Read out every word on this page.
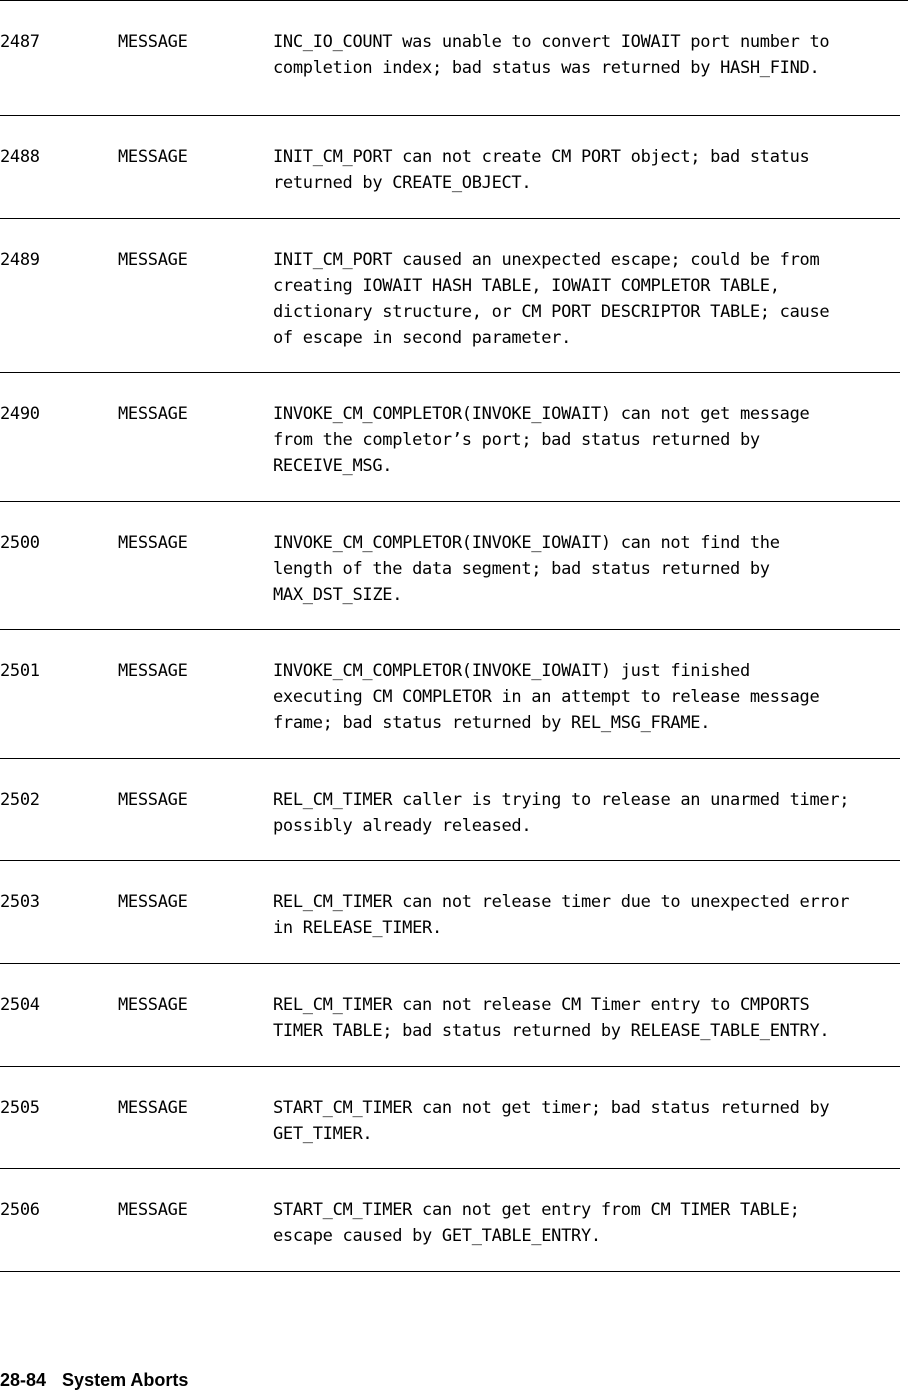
2487	MESSAGE	INC_IO_COUNT was unable to convert IOWAIT port number to
completion index; bad status was returned by HASH_FIND.
2488	MESSAGE	INIT_CM_PORT can not create CM PORT object; bad status
returned by CREATE_OBJECT.
2489	MESSAGE	INIT_CM_PORT caused an unexpected escape; could be from
creating IOWAIT HASH TABLE, IOWAIT COMPLETOR TABLE,
dictionary structure, or CM PORT DESCRIPTOR TABLE; cause
of escape in second parameter.
2490	MESSAGE	INVOKE_CM_COMPLETOR(INVOKE_IOWAIT) can not get message
from the completor’s port; bad status returned by
RECEIVE_MSG.
2500	MESSAGE	INVOKE_CM_COMPLETOR(INVOKE_IOWAIT) can not find the
length of the data segment; bad status returned by
MAX_DST_SIZE.
2501	MESSAGE	INVOKE_CM_COMPLETOR(INVOKE_IOWAIT) just finished
executing CM COMPLETOR in an attempt to release message
frame; bad status returned by REL_MSG_FRAME.
2502	MESSAGE	REL_CM_TIMER caller is trying to release an unarmed timer;
possibly already released.
2503	MESSAGE	REL_CM_TIMER can not release timer due to unexpected error
in RELEASE_TIMER.
2504	MESSAGE	REL_CM_TIMER can not release CM Timer entry to CMPORTS
TIMER TABLE; bad status returned by RELEASE_TABLE_ENTRY.
2505	MESSAGE	START_CM_TIMER can not get timer; bad status returned by
GET_TIMER.
2506	MESSAGE	START_CM_TIMER can not get entry from CM TIMER TABLE;
escape caused by GET_TABLE_ENTRY.
28-84 System Aborts
